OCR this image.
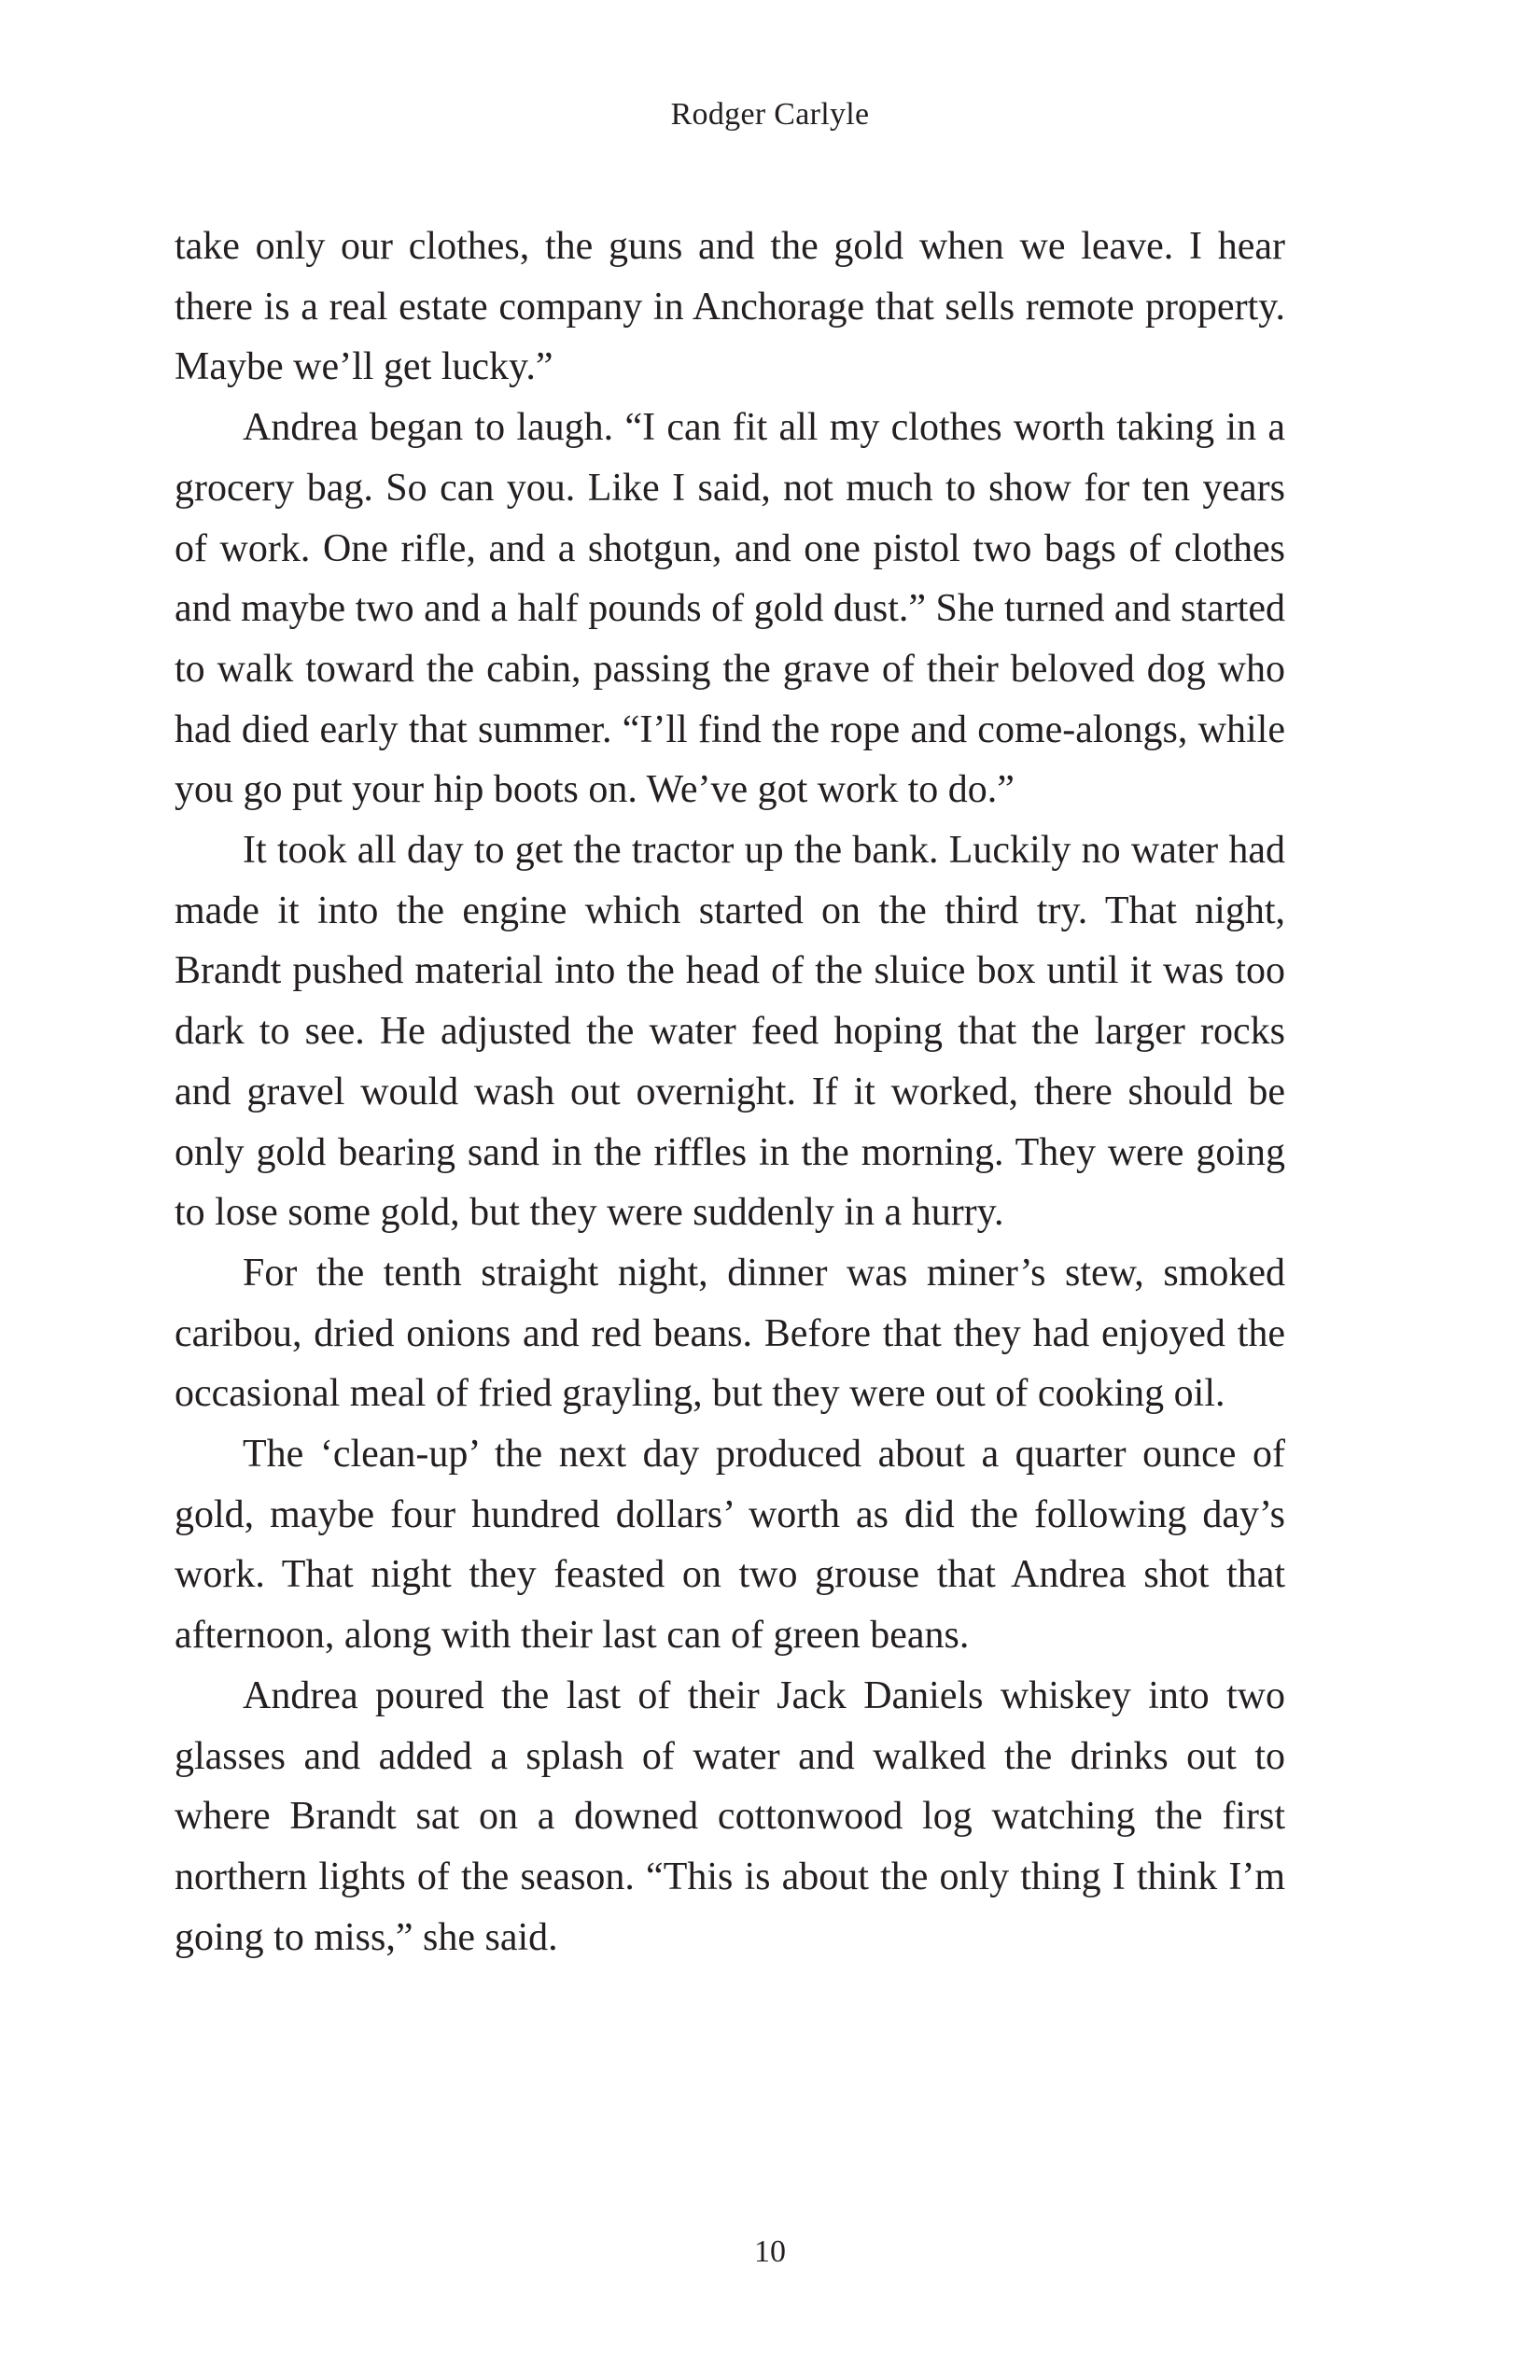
Rodger Carlyle

take only our clothes, the guns and the gold when we leave. I hear there is a real estate company in Anchorage that sells remote property. Maybe we’ll get lucky.”

Andrea began to laugh. “I can fit all my clothes worth taking in a grocery bag. So can you. Like I said, not much to show for ten years of work. One rifle, and a shotgun, and one pistol two bags of clothes and maybe two and a half pounds of gold dust.” She turned and started to walk toward the cabin, passing the grave of their beloved dog who had died early that summer. “I’ll find the rope and come-alongs, while you go put your hip boots on. We’ve got work to do.”

It took all day to get the tractor up the bank. Luckily no water had made it into the engine which started on the third try. That night, Brandt pushed material into the head of the sluice box until it was too dark to see. He adjusted the water feed hoping that the larger rocks and gravel would wash out overnight. If it worked, there should be only gold bearing sand in the riffles in the morning. They were going to lose some gold, but they were suddenly in a hurry.

For the tenth straight night, dinner was miner’s stew, smoked caribou, dried onions and red beans. Before that they had enjoyed the occasional meal of fried grayling, but they were out of cooking oil.

The ‘clean-up’ the next day produced about a quarter ounce of gold, maybe four hundred dollars’ worth as did the following day’s work. That night they feasted on two grouse that Andrea shot that afternoon, along with their last can of green beans.

Andrea poured the last of their Jack Daniels whiskey into two glasses and added a splash of water and walked the drinks out to where Brandt sat on a downed cottonwood log watching the first northern lights of the season. “This is about the only thing I think I’m going to miss,” she said.

10
